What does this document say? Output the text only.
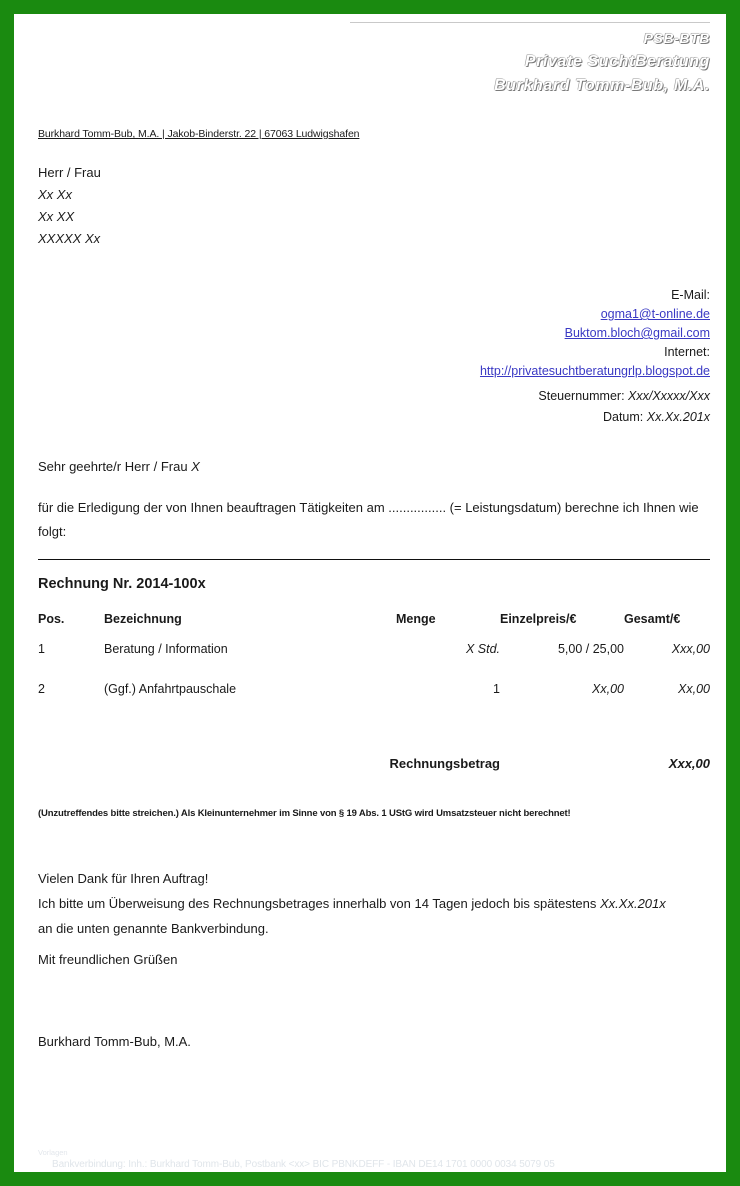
PSB-BTB
Private SuchtBeratung
Burkhard Tomm-Bub, M.A.
Burkhard Tomm-Bub, M.A. | Jakob-Binderstr. 22 | 67063 Ludwigshafen
Herr / Frau
Xx Xx
Xx XX
XXXXX Xx
E-Mail:
ogma1@t-online.de
Buktom.bloch@gmail.com
Internet:
http://privatesuchtberatungrlp.blogspot.de
Steuernummer: Xxx/Xxxxx/Xxx
Datum: Xx.Xx.201x
Sehr geehrte/r Herr / Frau X
für die Erledigung der von Ihnen beauftragen Tätigkeiten am ................ (= Leistungsdatum) berechne ich Ihnen wie folgt:
Rechnung Nr. 2014-100x
Pos.	Bezeichnung	Menge	Einzelpreis/€	Gesamt/€
1	Beratung / Information	X Std.	5,00 / 25,00	Xxx,00
2	(Ggf.) Anfahrtpauschale	1	Xx,00	Xx,00
Rechnungsbetrag	Xxx,00
(Unzutreffendes bitte streichen.) Als Kleinunternehmer im Sinne von § 19 Abs. 1 UStG wird Umsatzsteuer nicht berechnet!
Vielen Dank für Ihren Auftrag!
Ich bitte um Überweisung des Rechnungsbetrages innerhalb von 14 Tagen jedoch bis spätestens Xx.Xx.201x
an die unten genannte Bankverbindung.
Mit freundlichen Grüßen
Burkhard Tomm-Bub, M.A.
Vorlagen
Bankverbindung: Inh.: Burkhard Tomm-Bub, Postbank <xx> BIC PBNKDEFF - IBAN DE14 1701 0000 0034 5079 05
